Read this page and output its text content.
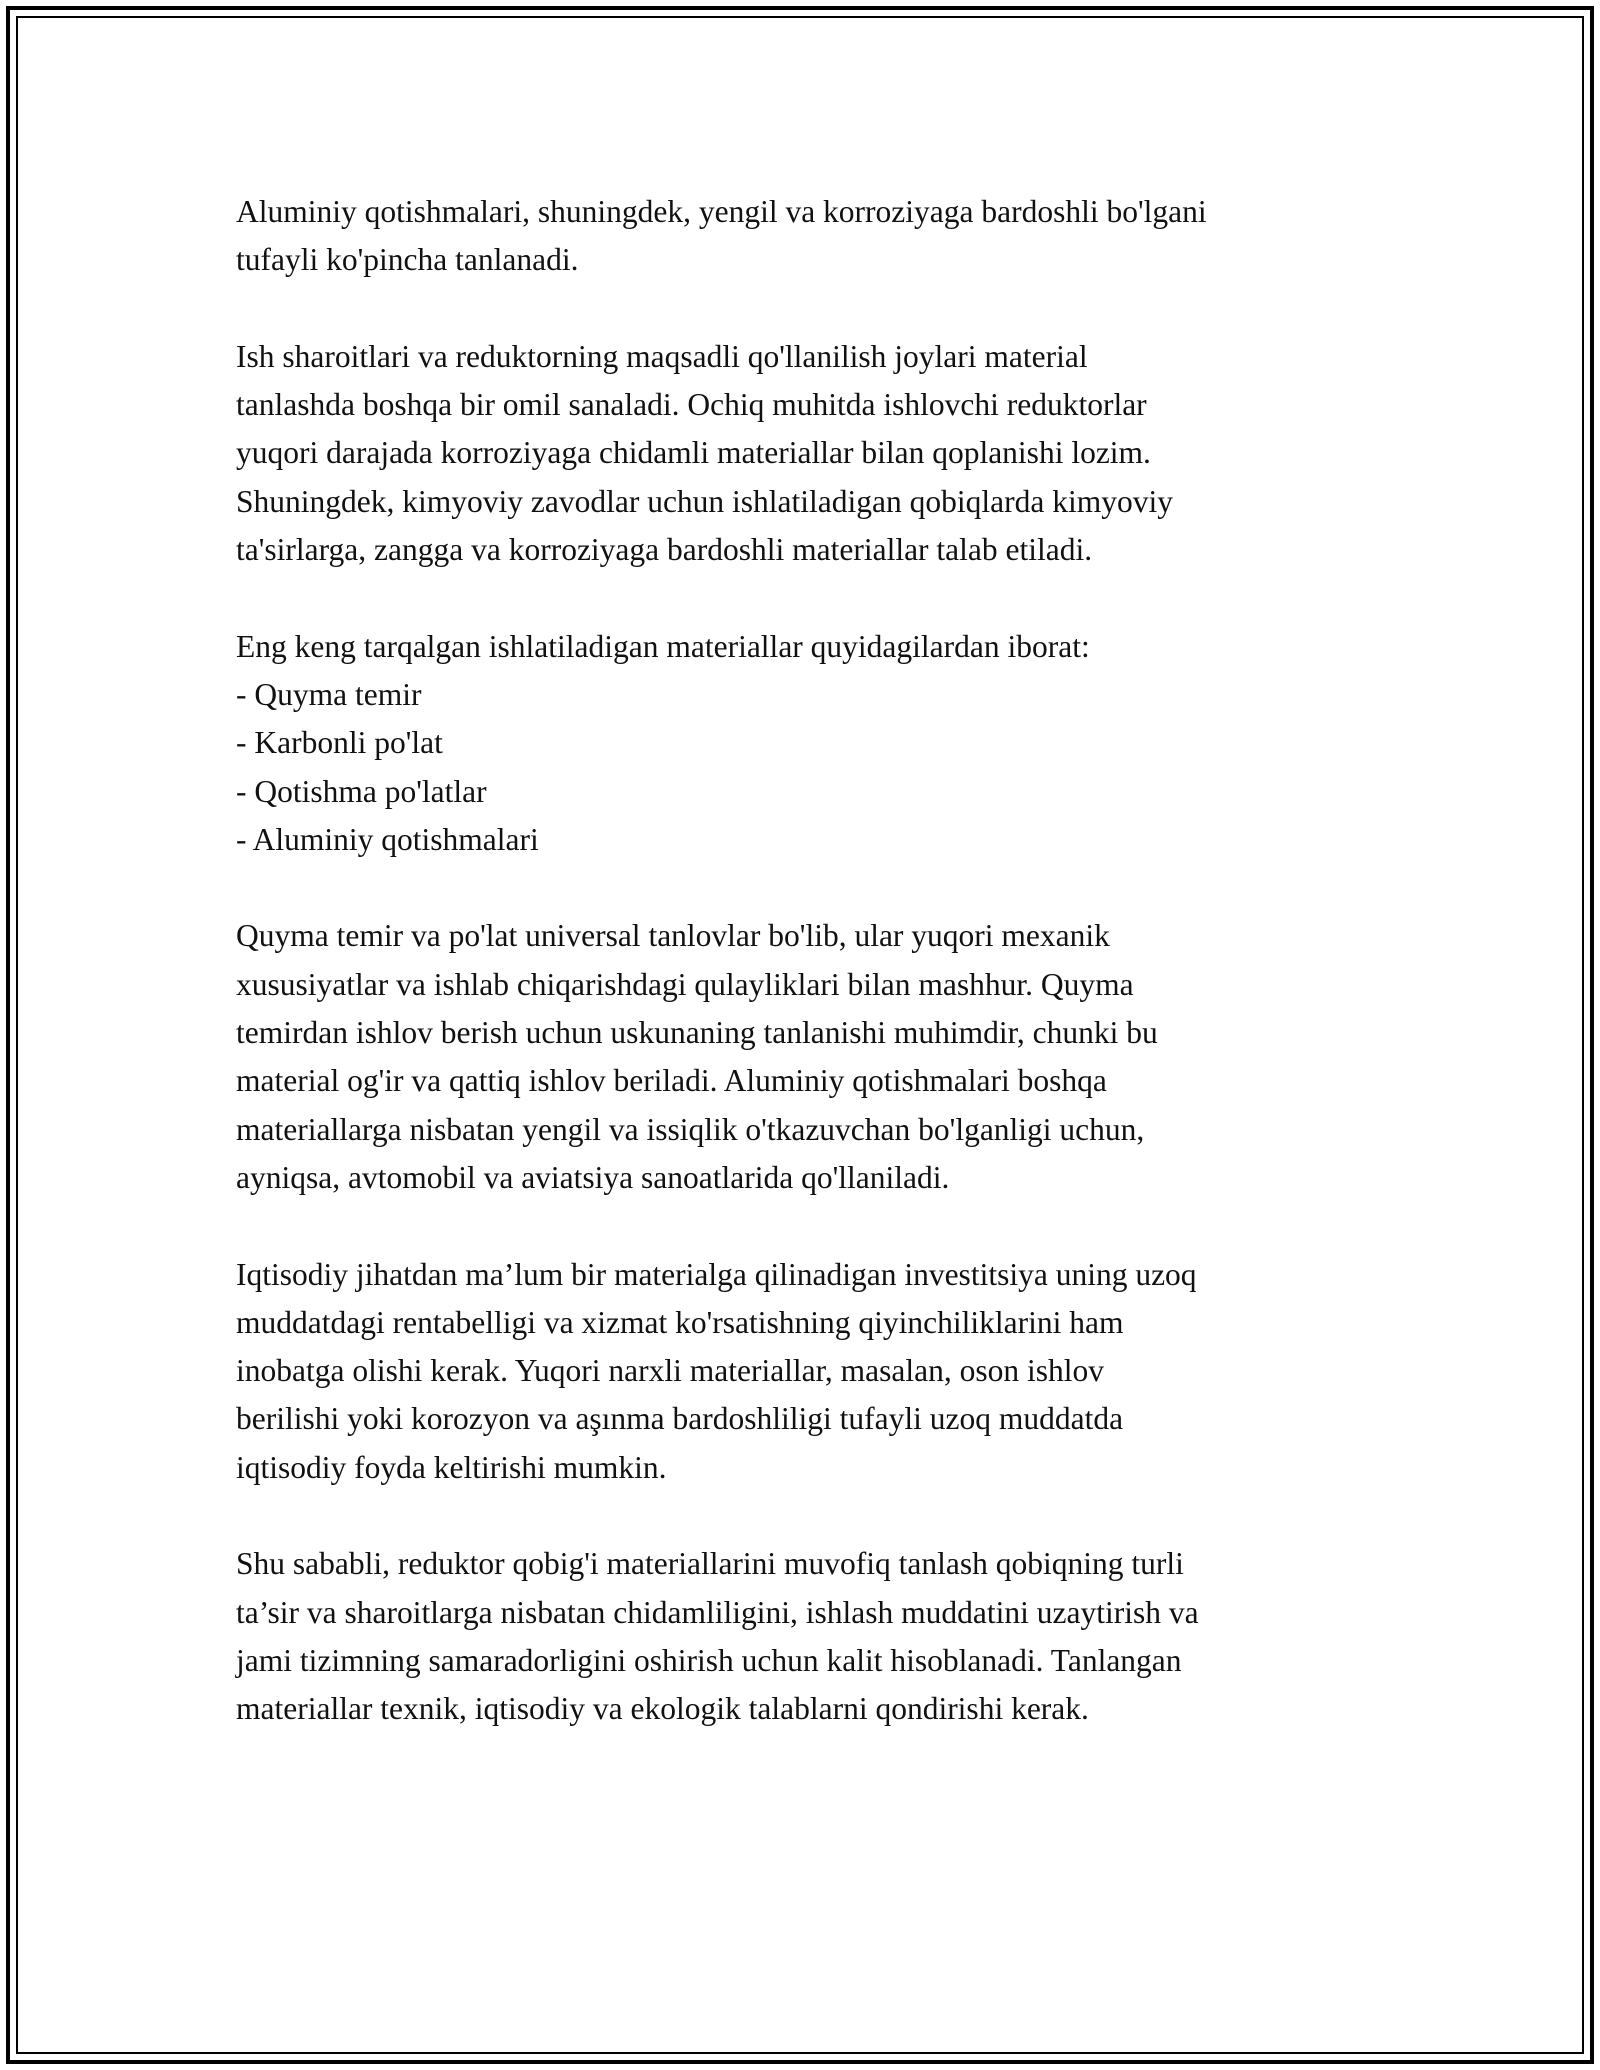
Aluminiy qotishmalari, shuningdek, yengil va korroziyaga bardoshli bo'lgani
tufayli ko'pincha tanlanadi.

Ish sharoitlari va reduktorning maqsadli qo'llanilish joylari material
tanlashda boshqa bir omil sanaladi. Ochiq muhitda ishlovchi reduktorlar
yuqori darajada korroziyaga chidamli materiallar bilan qoplanishi lozim.
Shuningdek, kimyoviy zavodlar uchun ishlatiladigan qobiqlarda kimyoviy
ta'sirlarga, zangga va korroziyaga bardoshli materiallar talab etiladi.

Eng keng tarqalgan ishlatiladigan materiallar quyidagilardan iborat:
- Quyma temir
- Karbonli po'lat
- Qotishma po'latlar
- Aluminiy qotishmalari

Quyma temir va po'lat universal tanlovlar bo'lib, ular yuqori mexanik
xususiyatlar va ishlab chiqarishdagi qulayliklari bilan mashhur. Quyma
temirdan ishlov berish uchun uskunaning tanlanishi muhimdir, chunki bu
material og'ir va qattiq ishlov beriladi. Aluminiy qotishmalari boshqa
materiallarga nisbatan yengil va issiqlik o'tkazuvchan bo'lganligi uchun,
ayniqsa, avtomobil va aviatsiya sanoatlarida qo'llaniladi.

Iqtisodiy jihatdan ma’lum bir materialga qilinadigan investitsiya uning uzoq
muddatdagi rentabelligi va xizmat ko'rsatishning qiyinchiliklarini ham
inobatga olishi kerak. Yuqori narxli materiallar, masalan, oson ishlov
berilishi yoki korozyon va aşınma bardoshliligi tufayli uzoq muddatda
iqtisodiy foyda keltirishi mumkin.

Shu sababli, reduktor qobig'i materiallarini muvofiq tanlash qobiqning turli
ta’sir va sharoitlarga nisbatan chidamliligini, ishlash muddatini uzaytirish va
jami tizimning samaradorligini oshirish uchun kalit hisoblanadi. Tanlangan
materiallar texnik, iqtisodiy va ekologik talablarni qondirishi kerak.
